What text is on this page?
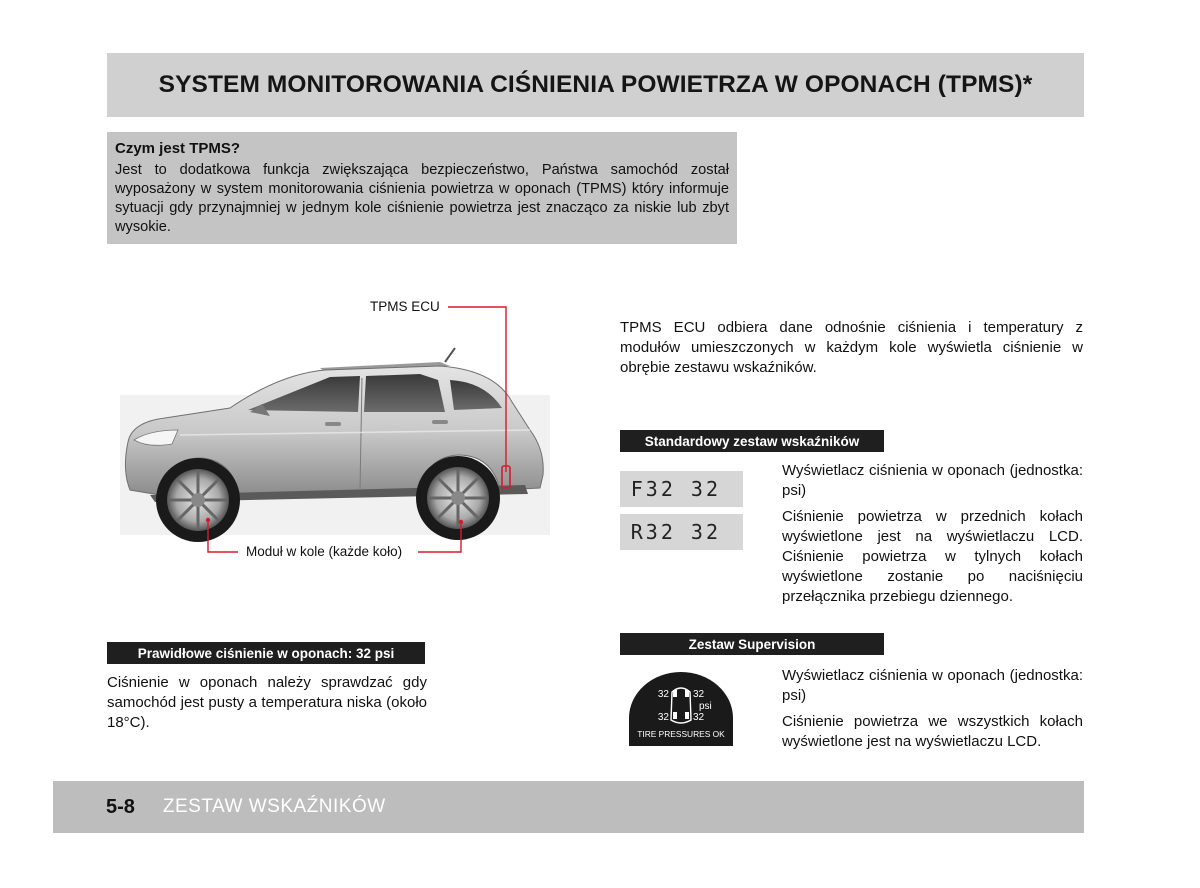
SYSTEM MONITOROWANIA CIŚNIENIA POWIETRZA W OPONACH (TPMS)*
Czym jest TPMS?

Jest to dodatkowa funkcja zwiększająca bezpieczeństwo, Państwa samochód został wyposażony w system monitorowania ciśnienia powietrza w oponach (TPMS) który informuje sytuacji gdy przynajmniej w jednym kole ciśnienie powietrza jest znacząco za niskie lub zbyt wysokie.

TPMS ECU
Moduł w kole (każde koło)

TPMS ECU odbiera dane odnośnie ciśnienia i temperatury z modułów umieszczonych w każdym kole wyświetla ciśnienie w obrębie zestawu wskaźników.

Standardowy zestaw wskaźników
F32 32
R32 32

Wyświetlacz ciśnienia w oponach (jednostka: psi)

Ciśnienie powietrza w przednich kołach wyświetlone jest na wyświetlaczu LCD. Ciśnienie powietrza w tylnych kołach wyświetlone zostanie po naciśnięciu przełącznika przebiegu dziennego.

Prawidłowe ciśnienie w oponach: 32 psi

Ciśnienie w oponach należy sprawdzać gdy samochód jest pusty a temperatura niska (około 18°C).

Zestaw Supervision
32 32
psi
32 32
TIRE PRESSURES OK

Wyświetlacz ciśnienia w oponach (jednostka: psi)

Ciśnienie powietrza we wszystkich kołach wyświetlone jest na wyświetlaczu LCD.

5-8 ZESTAW WSKAŹNIKÓW
